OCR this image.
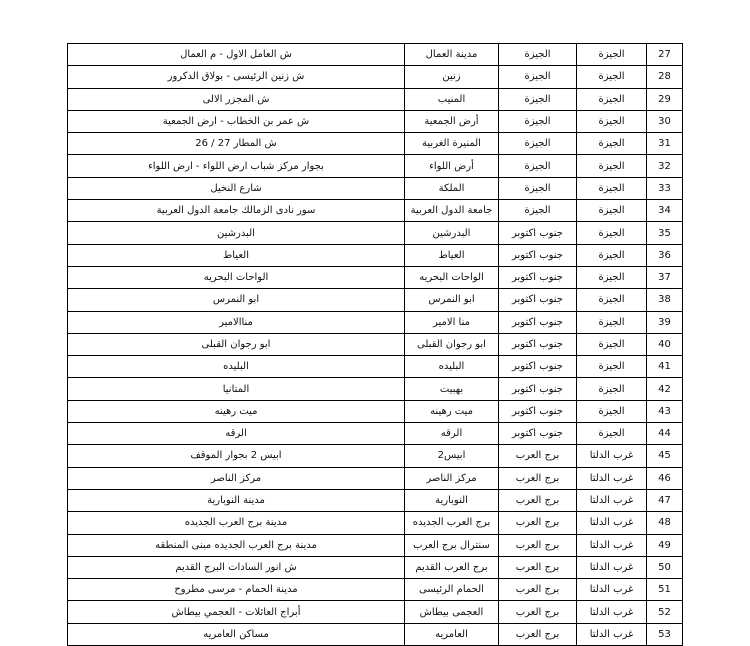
27	الجيزة	الجيزة	مدينة العمال	ش العامل الاول - م العمال
28	الجيزة	الجيزة	زنين	ش زنين الرئيسى - بولاق الدكرور
29	الجيزة	الجيزة	المنيب	ش المجزر الالى
30	الجيزة	الجيزة	أرض الجمعية	ش عمر بن الخطاب - ارض الجمعية
31	الجيزة	الجيزة	المنيرة الغربية	ش المطار 27 / 26
32	الجيزة	الجيزة	أرض اللواء	بجوار مركز شباب ارض اللواء - ارض اللواء
33	الجيزة	الجيزة	الملكة	شارع النخيل
34	الجيزة	الجيزة	جامعة الدول العربية	سور نادى الزمالك جامعة الدول العربية
35	الجيزة	جنوب اكتوبر	البدرشين	البدرشين
36	الجيزة	جنوب اكتوبر	العياط	العياط
37	الجيزة	جنوب اكتوبر	الواحات البحريه	الواحات البحريه
38	الجيزة	جنوب اكتوبر	ابو النمرس	ابو النمرس
39	الجيزة	جنوب اكتوبر	منا الامير	مناالامير
40	الجيزة	جنوب اكتوبر	ابو رجوان القبلى	ابو رجوان القبلى
41	الجيزة	جنوب اكتوبر	البليده	البليده
42	الجيزة	جنوب اكتوبر	بهبيت	المتانيا
43	الجيزة	جنوب اكتوبر	ميت رهينه	ميت رهينه
44	الجيزة	جنوب اكتوبر	الرقه	الرقه
45	غرب الدلتا	برج العرب	ابيس2	ابيس 2 بجوار الموقف
46	غرب الدلتا	برج العرب	مركز الناصر	مركز الناصر
47	غرب الدلتا	برج العرب	النوبارية	مدينة النوبارية
48	غرب الدلتا	برج العرب	برج العرب الجديده	مدينة برج العرب الجديده
49	غرب الدلتا	برج العرب	سنترال برج العرب	مدينة برج العرب الجديده مبنى المنطقه
50	غرب الدلتا	برج العرب	برج العرب القديم	ش انور السادات البرج القديم
51	غرب الدلتا	برج العرب	الحمام الرئيسى	مدينة الحمام - مرسى مطروح
52	غرب الدلتا	برج العرب	العجمى بيطاش	أبراج العائلات - العجمي بيطاش
53	غرب الدلتا	برج العرب	العامريه	مساكن العامريه
